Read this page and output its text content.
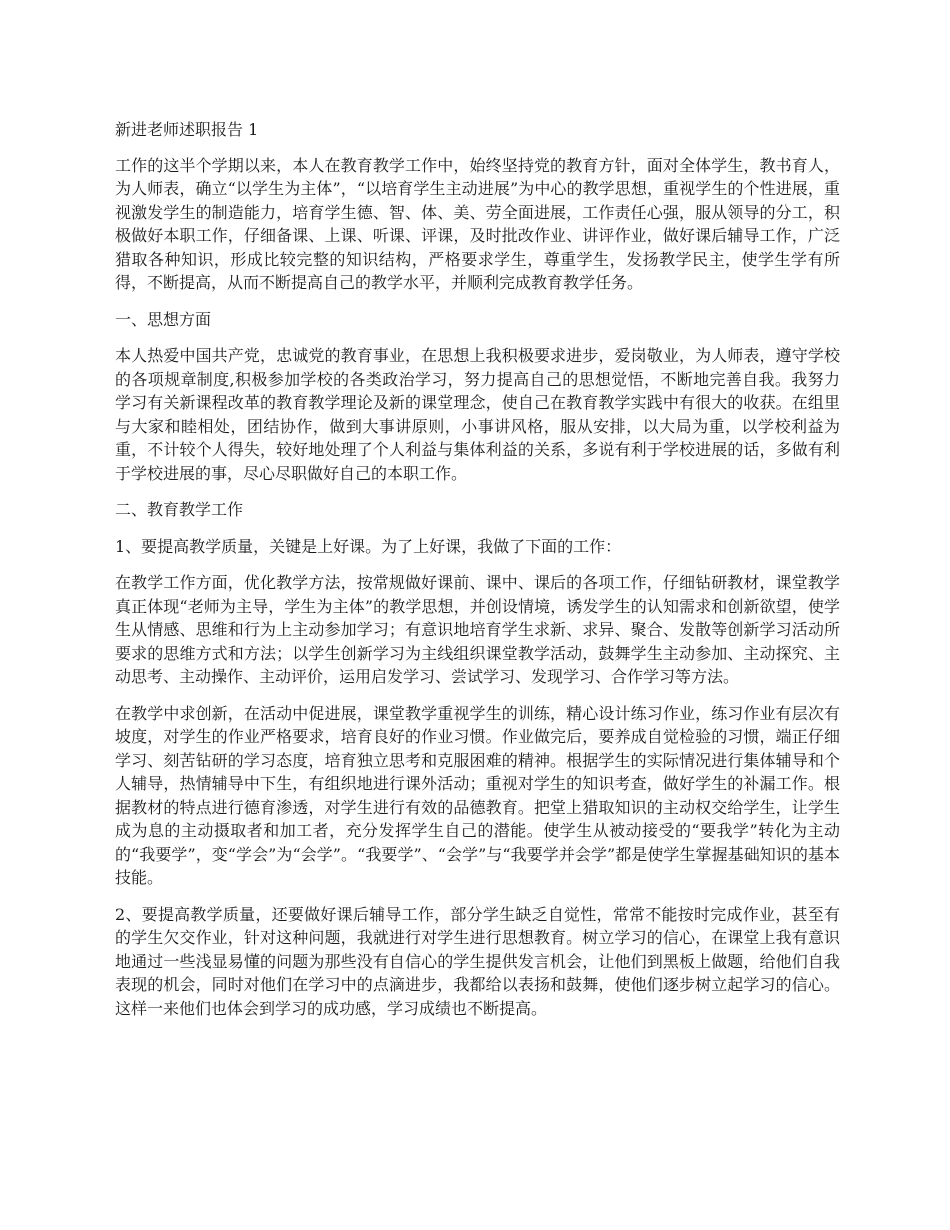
新进老师述职报告 1

工作的这半个学期以来，本人在教育教学工作中，始终坚持党的教育方针，面对全体学生，教书育人，为人师表，确立“以学生为主体”，“以培育学生主动进展”为中心的教学思想，重视学生的个性进展，重视激发学生的制造能力，培育学生德、智、体、美、劳全面进展，工作责任心强，服从领导的分工，积极做好本职工作，仔细备课、上课、听课、评课，及时批改作业、讲评作业，做好课后辅导工作，广泛猎取各种知识，形成比较完整的知识结构，严格要求学生，尊重学生，发扬教学民主，使学生学有所得，不断提高，从而不断提高自己的教学水平，并顺利完成教育教学任务。

一、思想方面

本人热爱中国共产党，忠诚党的教育事业，在思想上我积极要求进步，爱岗敬业，为人师表，遵守学校的各项规章制度,积极参加学校的各类政治学习，努力提高自己的思想觉悟，不断地完善自我。我努力学习有关新课程改革的教育教学理论及新的课堂理念，使自己在教育教学实践中有很大的收获。在组里与大家和睦相处，团结协作，做到大事讲原则，小事讲风格，服从安排，以大局为重，以学校利益为重，不计较个人得失，较好地处理了个人利益与集体利益的关系，多说有利于学校进展的话，多做有利于学校进展的事，尽心尽职做好自己的本职工作。

二、教育教学工作

1、要提高教学质量，关键是上好课。为了上好课，我做了下面的工作：

在教学工作方面，优化教学方法，按常规做好课前、课中、课后的各项工作，仔细钻研教材，课堂教学真正体现“老师为主导，学生为主体”的教学思想，并创设情境，诱发学生的认知需求和创新欲望，使学生从情感、思维和行为上主动参加学习；有意识地培育学生求新、求异、聚合、发散等创新学习活动所要求的思维方式和方法；以学生创新学习为主线组织课堂教学活动，鼓舞学生主动参加、主动探究、主动思考、主动操作、主动评价，运用启发学习、尝试学习、发现学习、合作学习等方法。

在教学中求创新，在活动中促进展，课堂教学重视学生的训练，精心设计练习作业，练习作业有层次有坡度，对学生的作业严格要求，培育良好的作业习惯。作业做完后，要养成自觉检验的习惯，端正仔细学习、刻苦钻研的学习态度，培育独立思考和克服困难的精神。根据学生的实际情况进行集体辅导和个人辅导，热情辅导中下生，有组织地进行课外活动；重视对学生的知识考查，做好学生的补漏工作。根据教材的特点进行德育渗透，对学生进行有效的品德教育。把堂上猎取知识的主动权交给学生，让学生成为息的主动摄取者和加工者，充分发挥学生自己的潜能。使学生从被动接受的“要我学”转化为主动的“我要学”，变“学会”为“会学”。“我要学”、“会学”与“我要学并会学”都是使学生掌握基础知识的基本技能。

2、要提高教学质量，还要做好课后辅导工作，部分学生缺乏自觉性，常常不能按时完成作业，甚至有的学生欠交作业，针对这种问题，我就进行对学生进行思想教育。树立学习的信心，在课堂上我有意识地通过一些浅显易懂的问题为那些没有自信心的学生提供发言机会，让他们到黑板上做题，给他们自我表现的机会，同时对他们在学习中的点滴进步，我都给以表扬和鼓舞，使他们逐步树立起学习的信心。这样一来他们也体会到学习的成功感，学习成绩也不断提高。
